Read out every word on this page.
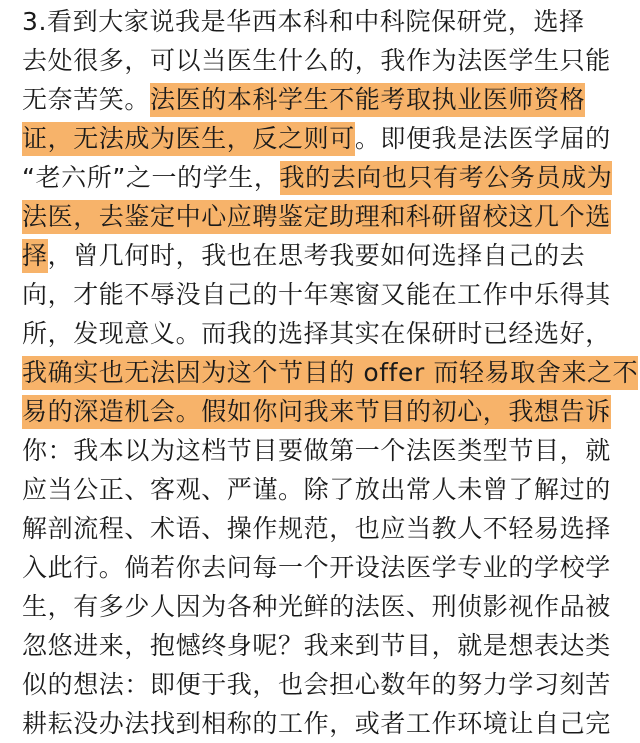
3.看到大家说我是华西本科和中科院保研党，选择
去处很多，可以当医生什么的，我作为法医学生只能
无奈苦笑。法医的本科学生不能考取执业医师资格
证，无法成为医生，反之则可。即便我是法医学届的
“老六所”之一的学生，我的去向也只有考公务员成为
法医，去鉴定中心应聘鉴定助理和科研留校这几个选
择，曾几何时，我也在思考我要如何选择自己的去
向，才能不辱没自己的十年寒窗又能在工作中乐得其
所，发现意义。而我的选择其实在保研时已经选好，
我确实也无法因为这个节目的 offer 而轻易取舍来之不
易的深造机会。假如你问我来节目的初心，我想告诉
你：我本以为这档节目要做第一个法医类型节目，就
应当公正、客观、严谨。除了放出常人未曾了解过的
解剖流程、术语、操作规范，也应当教人不轻易选择
入此行。倘若你去问每一个开设法医学专业的学校学
生，有多少人因为各种光鲜的法医、刑侦影视作品被
忽悠进来，抱憾终身呢？我来到节目，就是想表达类
似的想法：即便于我，也会担心数年的努力学习刻苦
耕耘没办法找到相称的工作，或者工作环境让自己完
